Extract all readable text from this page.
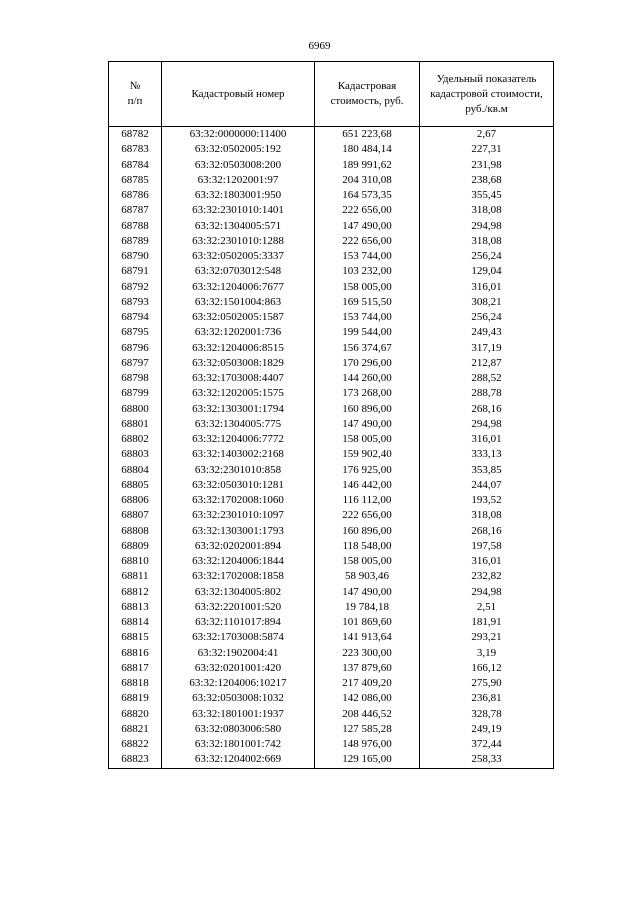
6969
№
п/п	Кадастровый номер	Кадастровая стоимость, руб.	Удельный показатель кадастровой стоимости, руб./кв.м
68782	63:32:0000000:11400	651 223,68	2,67
68783	63:32:0502005:192	180 484,14	227,31
68784	63:32:0503008:200	189 991,62	231,98
68785	63:32:1202001:97	204 310,08	238,68
68786	63:32:1803001:950	164 573,35	355,45
68787	63:32:2301010:1401	222 656,00	318,08
68788	63:32:1304005:571	147 490,00	294,98
68789	63:32:2301010:1288	222 656,00	318,08
68790	63:32:0502005:3337	153 744,00	256,24
68791	63:32:0703012:548	103 232,00	129,04
68792	63:32:1204006:7677	158 005,00	316,01
68793	63:32:1501004:863	169 515,50	308,21
68794	63:32:0502005:1587	153 744,00	256,24
68795	63:32:1202001:736	199 544,00	249,43
68796	63:32:1204006:8515	156 374,67	317,19
68797	63:32:0503008:1829	170 296,00	212,87
68798	63:32:1703008:4407	144 260,00	288,52
68799	63:32:1202005:1575	173 268,00	288,78
68800	63:32:1303001:1794	160 896,00	268,16
68801	63:32:1304005:775	147 490,00	294,98
68802	63:32:1204006:7772	158 005,00	316,01
68803	63:32:1403002:2168	159 902,40	333,13
68804	63:32:2301010:858	176 925,00	353,85
68805	63:32:0503010:1281	146 442,00	244,07
68806	63:32:1702008:1060	116 112,00	193,52
68807	63:32:2301010:1097	222 656,00	318,08
68808	63:32:1303001:1793	160 896,00	268,16
68809	63:32:0202001:894	118 548,00	197,58
68810	63:32:1204006:1844	158 005,00	316,01
68811	63:32:1702008:1858	58 903,46	232,82
68812	63:32:1304005:802	147 490,00	294,98
68813	63:32:2201001:520	19 784,18	2,51
68814	63:32:1101017:894	101 869,60	181,91
68815	63:32:1703008:5874	141 913,64	293,21
68816	63:32:1902004:41	223 300,00	3,19
68817	63:32:0201001:420	137 879,60	166,12
68818	63:32:1204006:10217	217 409,20	275,90
68819	63:32:0503008:1032	142 086,00	236,81
68820	63:32:1801001:1937	208 446,52	328,78
68821	63:32:0803006:580	127 585,28	249,19
68822	63:32:1801001:742	148 976,00	372,44
68823	63:32:1204002:669	129 165,00	258,33
